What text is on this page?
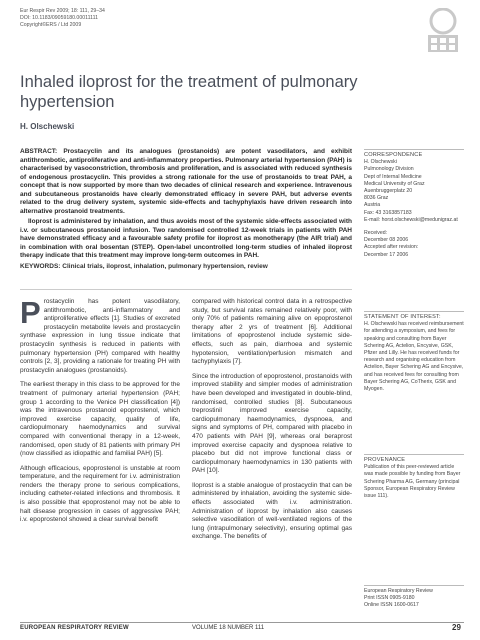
Eur Respir Rev 2009; 18: 111, 29–34
DOI: 10.1183/09059180.00011111
Copyright©ERS / Ltd 2009
Inhaled iloprost for the treatment of pulmonary hypertension
H. Olschewski

ABSTRACT: Prostacyclin and its analogues (prostanoids) are potent vasodilators, and exhibit antithrombotic, antiproliferative and anti-inflammatory properties. Pulmonary arterial hypertension (PAH) is characterised by vasoconstriction, thrombosis and proliferation, and is associated with reduced synthesis of endogenous prostacyclin. This provides a strong rationale for the use of prostanoids to treat PAH, a concept that is now supported by more than two decades of clinical research and experience. Intravenous and subcutaneous prostanoids have clearly demonstrated efficacy in severe PAH, but adverse events related to the drug delivery system, systemic side-effects and tachyphylaxis have driven research into alternative prostanoid treatments.

Iloprost is administered by inhalation, and thus avoids most of the systemic side-effects associated with i.v. or subcutaneous prostanoid infusion. Two randomised controlled 12-week trials in patients with PAH have demonstrated efficacy and a favourable safety profile for iloprost as monotherapy (the AIR trial) and in combination with oral bosentan (STEP). Open-label uncontrolled long-term studies of inhaled iloprost therapy indicate that this treatment may improve long-term outcomes in PAH.

KEYWORDS: Clinical trials, iloprost, inhalation, pulmonary hypertension, review

Prostacyclin has potent vasodilatory, antithrombotic, anti-inflammatory and antiproliferative effects [1]. Studies of excreted prostacyclin metabolite levels and prostacyclin synthase expression in lung tissue indicate that prostacyclin synthesis is reduced in patients with pulmonary hypertension (PH) compared with healthy controls [2, 3], providing a rationale for treating PH with prostacyclin analogues (prostanoids).

The earliest therapy in this class to be approved for the treatment of pulmonary arterial hypertension (PAH; group 1 according to the Venice PH classification [4]) was the intravenous prostanoid epoprostenol, which improved exercise capacity, quality of life, cardiopulmonary haemodynamics and survival compared with conventional therapy in a 12-week, randomised, open study of 81 patients with primary PH (now classified as idiopathic and familial PAH) [5].

Although efficacious, epoprostenol is unstable at room temperature, and the requirement for i.v. administration renders the therapy prone to serious complications, including catheter-related infections and thrombosis. It is also possible that epoprostenol may not be able to halt disease progression in cases of aggressive PAH; i.v. epoprostenol showed a clear survival benefit

compared with historical control data in a retrospective study, but survival rates remained relatively poor, with only 70% of patients remaining alive on epoprostenol therapy after 2 yrs of treatment [6]. Additional limitations of epoprostenol include systemic side-effects, such as pain, diarrhoea and systemic hypotension, ventilation/perfusion mismatch and tachyphylaxis [7].

Since the introduction of epoprostenol, prostanoids with improved stability and simpler modes of administration have been developed and investigated in double-blind, randomised, controlled studies [8]. Subcutaneous treprostinil improved exercise capacity, cardiopulmonary haemodynamics, dyspnoea, and signs and symptoms of PH, compared with placebo in 470 patients with PAH [9], whereas oral beraprost improved exercise capacity and dyspnoea relative to placebo but did not improve functional class or cardiopulmonary haemodynamics in 130 patients with PAH [10].

Iloprost is a stable analogue of prostacyclin that can be administered by inhalation, avoiding the systemic side-effects associated with i.v. administration. Administration of iloprost by inhalation also causes selective vasodilation of well-ventilated regions of the lung (intrapulmonary selectivity), ensuring optimal gas exchange. The benefits of

CORRESPONDENCE
H. Olschewski
Pulmonology Division
Dept of Internal Medicine
Medical University of Graz
Auenbruggerplatz 20
8036 Graz
Austria
Fax: 43 3163857183
E-mail: horst.olschewski@medunigraz.at
Received:
December 08 2006
Accepted after revision:
December 17 2006
STATEMENT OF INTEREST:
H. Olschewski has received reimbursement for attending a symposium, and fees for speaking and consulting from Bayer Schering AG, Actelion, Encysive, GSK, Pfizer and Lilly. He has received funds for research and organising education from Actelion, Bayer Schering AG and Encysive, and has received fees for consulting from Bayer Schering AG, CoTherix, GSK and Myogen.
PROVENANCE
Publication of this peer-reviewed article was made possible by funding from Bayer Schering Pharma AG, Germany (principal Sponsor, European Respiratory Review issue 111).
European Respiratory Review
Print ISSN 0905-9180
Online ISSN 1600-0617
EUROPEAN RESPIRATORY REVIEW	VOLUME 18 NUMBER 111	29
